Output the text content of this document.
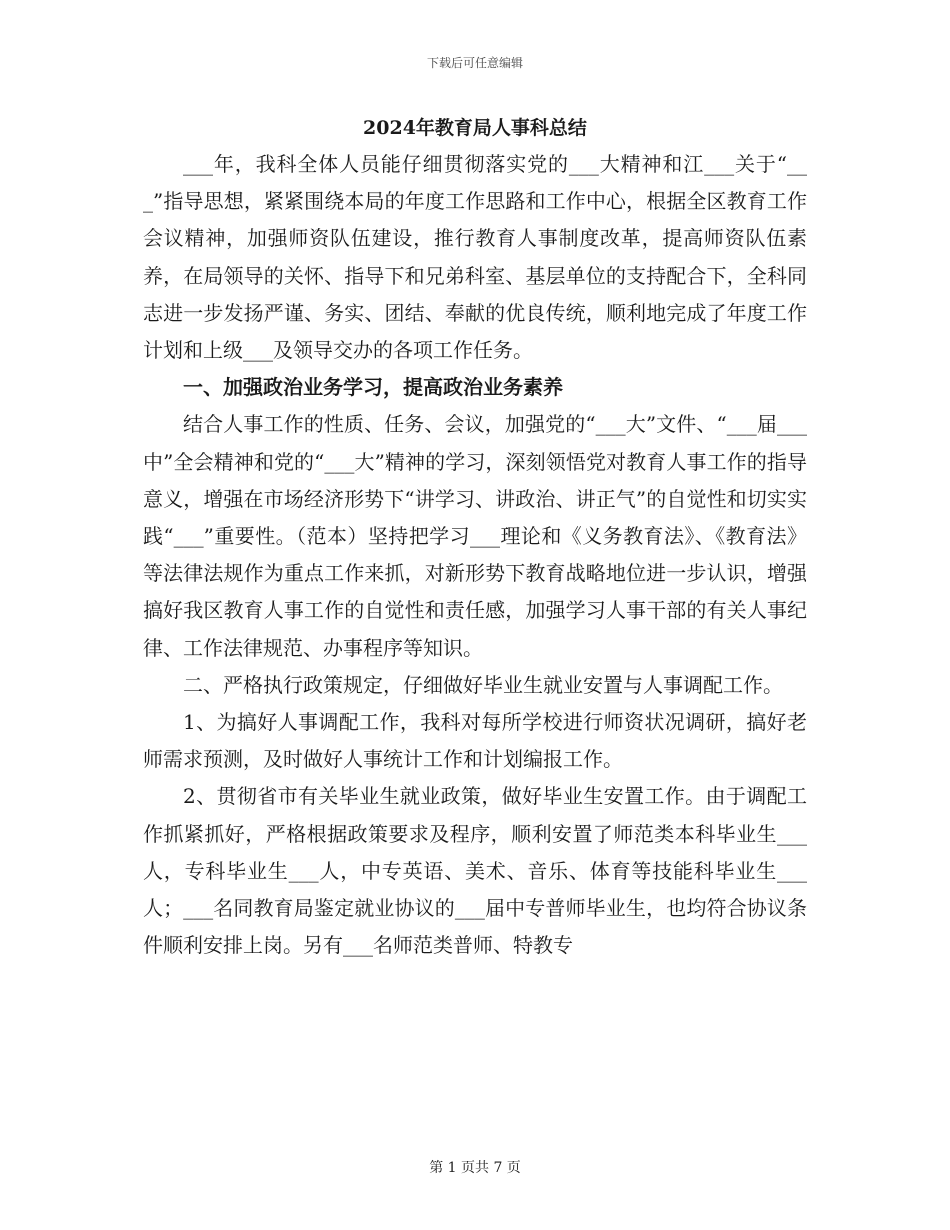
下载后可任意编辑
2024年教育局人事科总结

___年，我科全体人员能仔细贯彻落实党的___大精神和江___关于“___”指导思想，紧紧围绕本局的年度工作思路和工作中心，根据全区教育工作会议精神，加强师资队伍建设，推行教育人事制度改革，提高师资队伍素养，在局领导的关怀、指导下和兄弟科室、基层单位的支持配合下，全科同志进一步发扬严谨、务实、团结、奉献的优良传统，顺利地完成了年度工作计划和上级___及领导交办的各项工作任务。

一、加强政治业务学习，提高政治业务素养

结合人事工作的性质、任务、会议，加强党的“___大”文件、“___届___中”全会精神和党的“___大”精神的学习，深刻领悟党对教育人事工作的指导意义，增强在市场经济形势下“讲学习、讲政治、讲正气”的自觉性和切实实践“___”重要性。（范本）坚持把学习___理论和《义务教育法》、《教育法》等法律法规作为重点工作来抓，对新形势下教育战略地位进一步认识，增强搞好我区教育人事工作的自觉性和责任感，加强学习人事干部的有关人事纪律、工作法律规范、办事程序等知识。

二、严格执行政策规定，仔细做好毕业生就业安置与人事调配工作。

1、为搞好人事调配工作，我科对每所学校进行师资状况调研，搞好老师需求预测，及时做好人事统计工作和计划编报工作。

2、贯彻省市有关毕业生就业政策，做好毕业生安置工作。由于调配工作抓紧抓好，严格根据政策要求及程序，顺利安置了师范类本科毕业生___人，专科毕业生___人，中专英语、美术、音乐、体育等技能科毕业生___人；___名同教育局鉴定就业协议的___届中专普师毕业生，也均符合协议条件顺利安排上岗。另有___名师范类普师、特教专

第 1 页共 7 页
